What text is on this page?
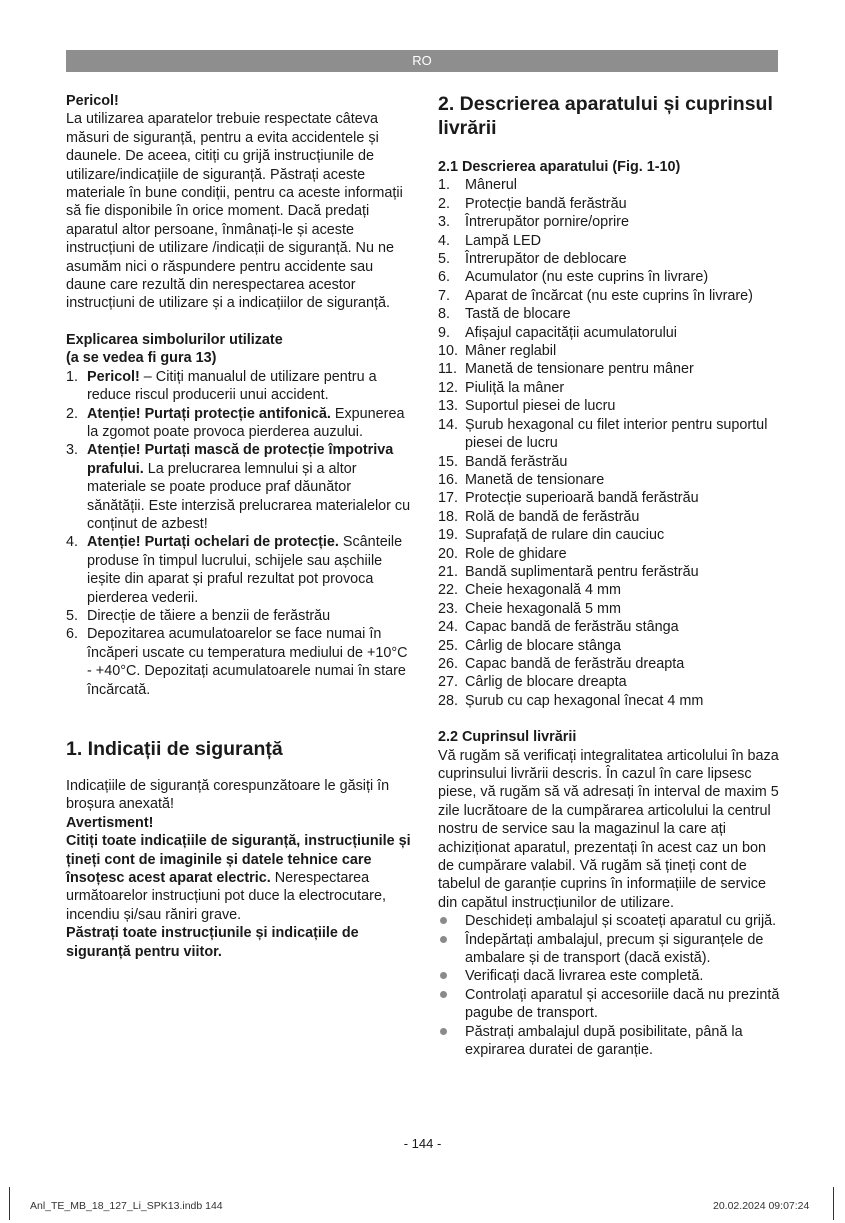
RO

Pericol!

La utilizarea aparatelor trebuie respectate câteva măsuri de siguranță, pentru a evita accidentele și daunele. De aceea, citiți cu grijă instrucțiunile de utilizare/indicațiile de siguranță. Păstrați aceste materiale în bune condiții, pentru ca aceste informații să fie disponibile în orice moment. Dacă predați aparatul altor persoane, înmânați-le și aceste instrucțiuni de utilizare /indicații de siguranță. Nu ne asumăm nici o răspundere pentru accidente sau daune care rezultă din nerespectarea acestor instrucțiuni de utilizare și a indicațiilor de siguranță.

Explicarea simbolurilor utilizate
(a se vedea fi gura 13)

1. Pericol! – Citiți manualul de utilizare pentru a reduce riscul producerii unui accident.
2. Atenție! Purtați protecție antifonică. Expunerea la zgomot poate provoca pierderea auzului.
3. Atenție! Purtați mască de protecție împotriva prafului. La prelucrarea lemnului și a altor materiale se poate produce praf dăunător sănătății. Este interzisă prelucrarea materialelor cu conținut de azbest!
4. Atenție! Purtați ochelari de protecție. Scânteile produse în timpul lucrului, schijele sau așchiile ieșite din aparat și praful rezultat pot provoca pierderea vederii.
5. Direcție de tăiere a benzii de ferăstrău
6. Depozitarea acumulatoarelor se face numai în încăperi uscate cu temperatura mediului de +10°C - +40°C. Depozitați acumulatoarele numai în stare încărcată.
1. Indicații de siguranță

Indicațiile de siguranță corespunzătoare le găsiți în broșura anexată!

Avertisment!

Citiți toate indicațiile de siguranță, instrucțiunile și țineți cont de imaginile și datele tehnice care însoțesc acest aparat electric. Nerespectarea următoarelor instrucțiuni pot duce la electrocutare, incendiu și/sau răniri grave.

Păstrați toate instrucțiunile și indicațiile de siguranță pentru viitor.

2. Descrierea aparatului și cuprinsul livrării
2.1 Descrierea aparatului (Fig. 1-10)
1. Mânerul
2. Protecție bandă ferăstrău
3. Întrerupător pornire/oprire
4. Lampă LED
5. Întrerupător de deblocare
6. Acumulator (nu este cuprins în livrare)
7. Aparat de încărcat (nu este cuprins în livrare)
8. Tastă de blocare
9. Afișajul capacității acumulatorului
10. Mâner reglabil
11. Manetă de tensionare pentru mâner
12. Piuliță la mâner
13. Suportul piesei de lucru
14. Șurub hexagonal cu filet interior pentru suportul piesei de lucru
15. Bandă ferăstrău
16. Manetă de tensionare
17. Protecție superioară bandă ferăstrău
18. Rolă de bandă de ferăstrău
19. Suprafață de rulare din cauciuc
20. Role de ghidare
21. Bandă suplimentară pentru ferăstrău
22. Cheie hexagonală 4 mm
23. Cheie hexagonală 5 mm
24. Capac bandă de ferăstrău stânga
25. Cârlig de blocare stânga
26. Capac bandă de ferăstrău dreapta
27. Cârlig de blocare dreapta
28. Șurub cu cap hexagonal înecat 4 mm
2.2 Cuprinsul livrării

Vă rugăm să verificați integralitatea articolului în baza cuprinsului livrării descris. În cazul în care lipsesc piese, vă rugăm să vă adresați în interval de maxim 5 zile lucrătoare de la cumpărarea articolului la centrul nostru de service sau la magazinul la care ați achiziționat aparatul, prezentați în acest caz un bon de cumpărare valabil. Vă rugăm să țineți cont de tabelul de garanție cuprins în informațiile de service din capătul instrucțiunilor de utilizare.

Deschideți ambalajul și scoateți aparatul cu grijă.
Îndepărtați ambalajul, precum și siguranțele de ambalare și de transport (dacă există).
Verificați dacă livrarea este completă.
Controlați aparatul și accesoriile dacă nu prezintă pagube de transport.
Păstrați ambalajul după posibilitate, până la expirarea duratei de garanție.
- 144 -
Anl_TE_MB_18_127_Li_SPK13.indb 144	20.02.2024 09:07:24
